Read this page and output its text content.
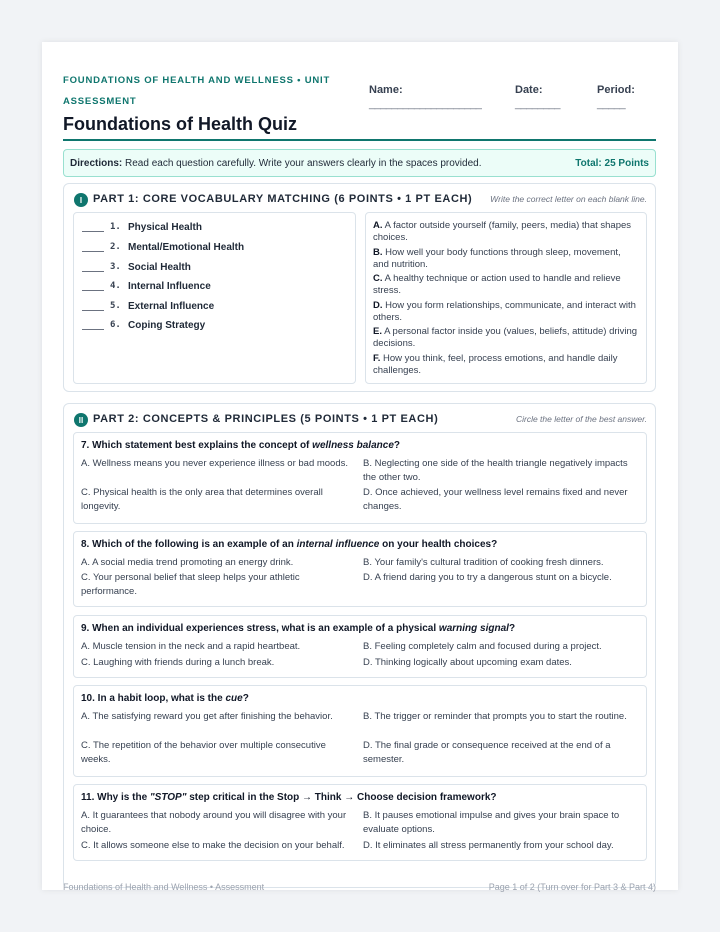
FOUNDATIONS OF HEALTH AND WELLNESS • UNIT ASSESSMENT
Foundations of Health Quiz
Name:
____________________
Date:
________
Period:
_____
Directions: Read each question carefully. Write your answers clearly in the spaces provided.	Total: 25 Points
I PART 1: CORE VOCABULARY MATCHING (6 POINTS • 1 PT EACH) Write the correct letter on each blank line.
1. Physical Health
2. Mental/Emotional Health
3. Social Health
4. Internal Influence
5. External Influence
6. Coping Strategy
A. A factor outside yourself (family, peers, media) that shapes choices.
B. How well your body functions through sleep, movement, and nutrition.
C. A healthy technique or action used to handle and relieve stress.
D. How you form relationships, communicate, and interact with others.
E. A personal factor inside you (values, beliefs, attitude) driving decisions.
F. How you think, feel, process emotions, and handle daily challenges.
II PART 2: CONCEPTS & PRINCIPLES (5 POINTS • 1 PT EACH)	Circle the letter of the best answer.
7. Which statement best explains the concept of wellness balance?
A. Wellness means you never experience illness or bad moods.	B. Neglecting one side of the health triangle negatively impacts the other two.
C. Physical health is the only area that determines overall longevity.
D. Once achieved, your wellness level remains fixed and never changes.
8. Which of the following is an example of an internal influence on your health choices?
A. A social media trend promoting an energy drink.	B. Your family's cultural tradition of cooking fresh dinners.
C. Your personal belief that sleep helps your athletic performance.
D. A friend daring you to try a dangerous stunt on a bicycle.
9. When an individual experiences stress, what is an example of a physical warning signal?
A. Muscle tension in the neck and a rapid heartbeat.	B. Feeling completely calm and focused during a project.
C. Laughing with friends during a lunch break.	D. Thinking logically about upcoming exam dates.
10. In a habit loop, what is the cue?
A. The satisfying reward you get after finishing the behavior.	B. The trigger or reminder that prompts you to start the routine.
C. The repetition of the behavior over multiple consecutive weeks.
D. The final grade or consequence received at the end of a semester.
11. Why is the "STOP" step critical in the Stop → Think → Choose decision framework?
A. It guarantees that nobody around you will disagree with your choice.
B. It pauses emotional impulse and gives your brain space to evaluate options.
C. It allows someone else to make the decision on your behalf.	D. It eliminates all stress permanently from your school day.
Foundations of Health and Wellness • Assessment	Page 1 of 2 (Turn over for Part 3 & Part 4)
